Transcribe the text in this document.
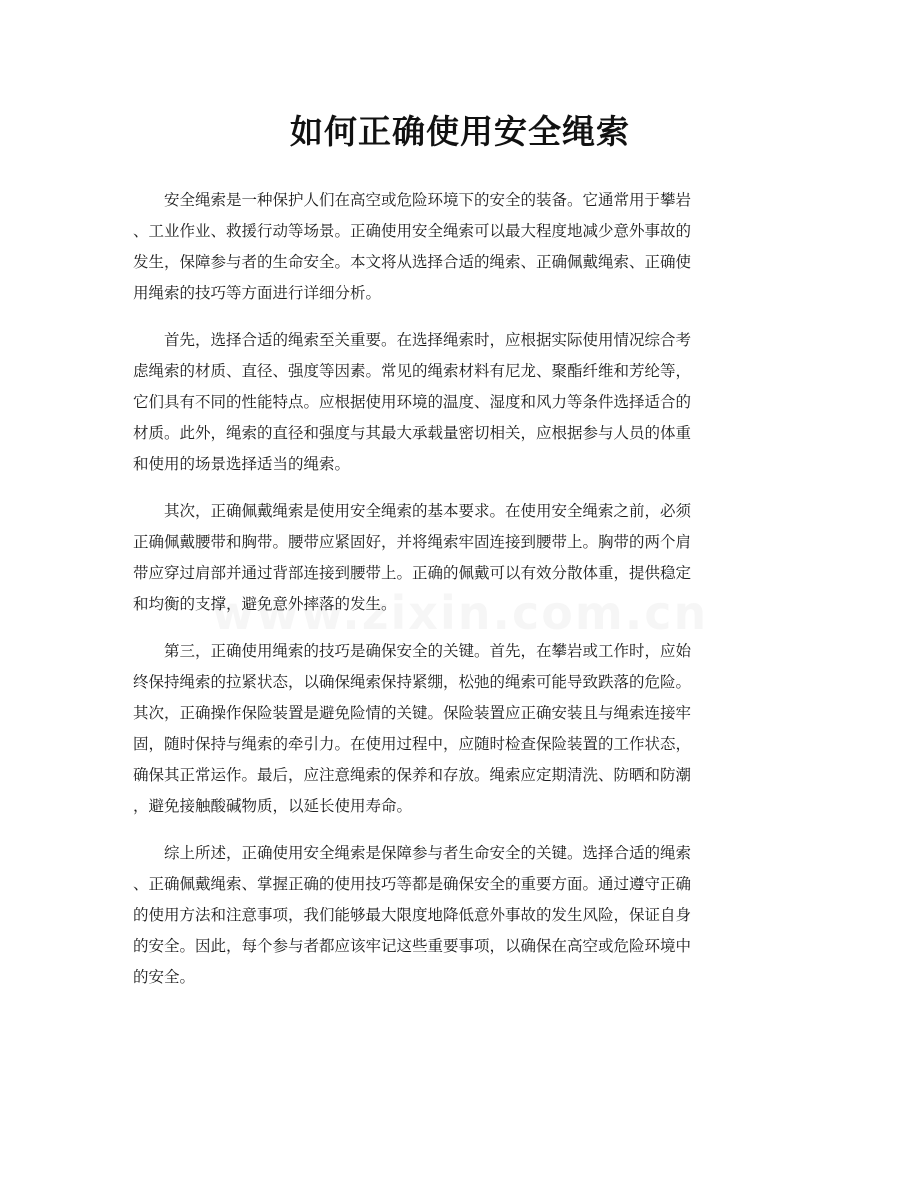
如何正确使用安全绳索

　　安全绳索是一种保护人们在高空或危险环境下的安全的装备。它通常用于攀岩
、工业作业、救援行动等场景。正确使用安全绳索可以最大程度地减少意外事故的
发生，保障参与者的生命安全。本文将从选择合适的绳索、正确佩戴绳索、正确使
用绳索的技巧等方面进行详细分析。

　　首先，选择合适的绳索至关重要。在选择绳索时，应根据实际使用情况综合考
虑绳索的材质、直径、强度等因素。常见的绳索材料有尼龙、聚酯纤维和芳纶等，
它们具有不同的性能特点。应根据使用环境的温度、湿度和风力等条件选择适合的
材质。此外，绳索的直径和强度与其最大承载量密切相关，应根据参与人员的体重
和使用的场景选择适当的绳索。

　　其次，正确佩戴绳索是使用安全绳索的基本要求。在使用安全绳索之前，必须
正确佩戴腰带和胸带。腰带应紧固好，并将绳索牢固连接到腰带上。胸带的两个肩
带应穿过肩部并通过背部连接到腰带上。正确的佩戴可以有效分散体重，提供稳定
和均衡的支撑，避免意外摔落的发生。

　　第三，正确使用绳索的技巧是确保安全的关键。首先，在攀岩或工作时，应始
终保持绳索的拉紧状态，以确保绳索保持紧绷，松弛的绳索可能导致跌落的危险。
其次，正确操作保险装置是避免险情的关键。保险装置应正确安装且与绳索连接牢
固，随时保持与绳索的牵引力。在使用过程中，应随时检查保险装置的工作状态，
确保其正常运作。最后，应注意绳索的保养和存放。绳索应定期清洗、防晒和防潮
，避免接触酸碱物质，以延长使用寿命。

　　综上所述，正确使用安全绳索是保障参与者生命安全的关键。选择合适的绳索
、正确佩戴绳索、掌握正确的使用技巧等都是确保安全的重要方面。通过遵守正确
的使用方法和注意事项，我们能够最大限度地降低意外事故的发生风险，保证自身
的安全。因此，每个参与者都应该牢记这些重要事项，以确保在高空或危险环境中
的安全。
